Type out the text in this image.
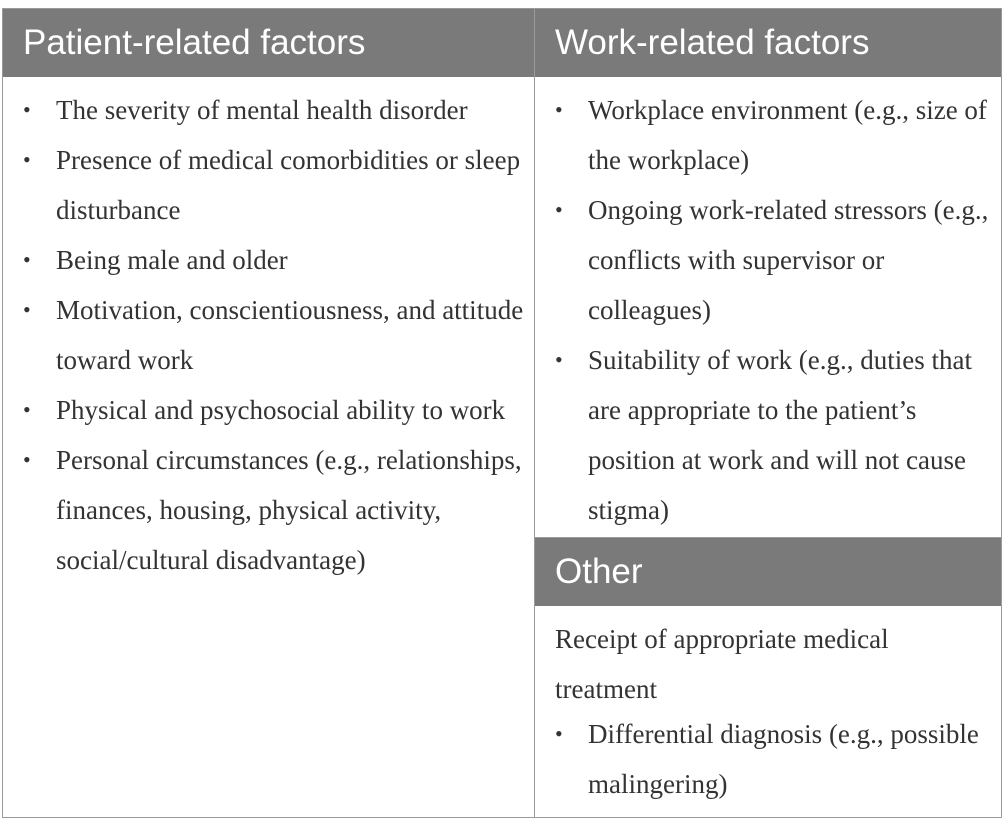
Patient-related factors
• The severity of mental health disorder
• Presence of medical comorbidities or sleep disturbance
• Being male and older
• Motivation, conscientiousness, and attitude toward work
• Physical and psychosocial ability to work
• Personal circumstances (e.g., relationships, finances, housing, physical activity, social/cultural disadvantage)
Work-related factors
• Workplace environment (e.g., size of the workplace)
• Ongoing work-related stressors (e.g., conflicts with supervisor or colleagues)
• Suitability of work (e.g., duties that are appropriate to the patient’s position at work and will not cause stigma)
Other
Receipt of appropriate medical treatment
• Differential diagnosis (e.g., possible malingering)
